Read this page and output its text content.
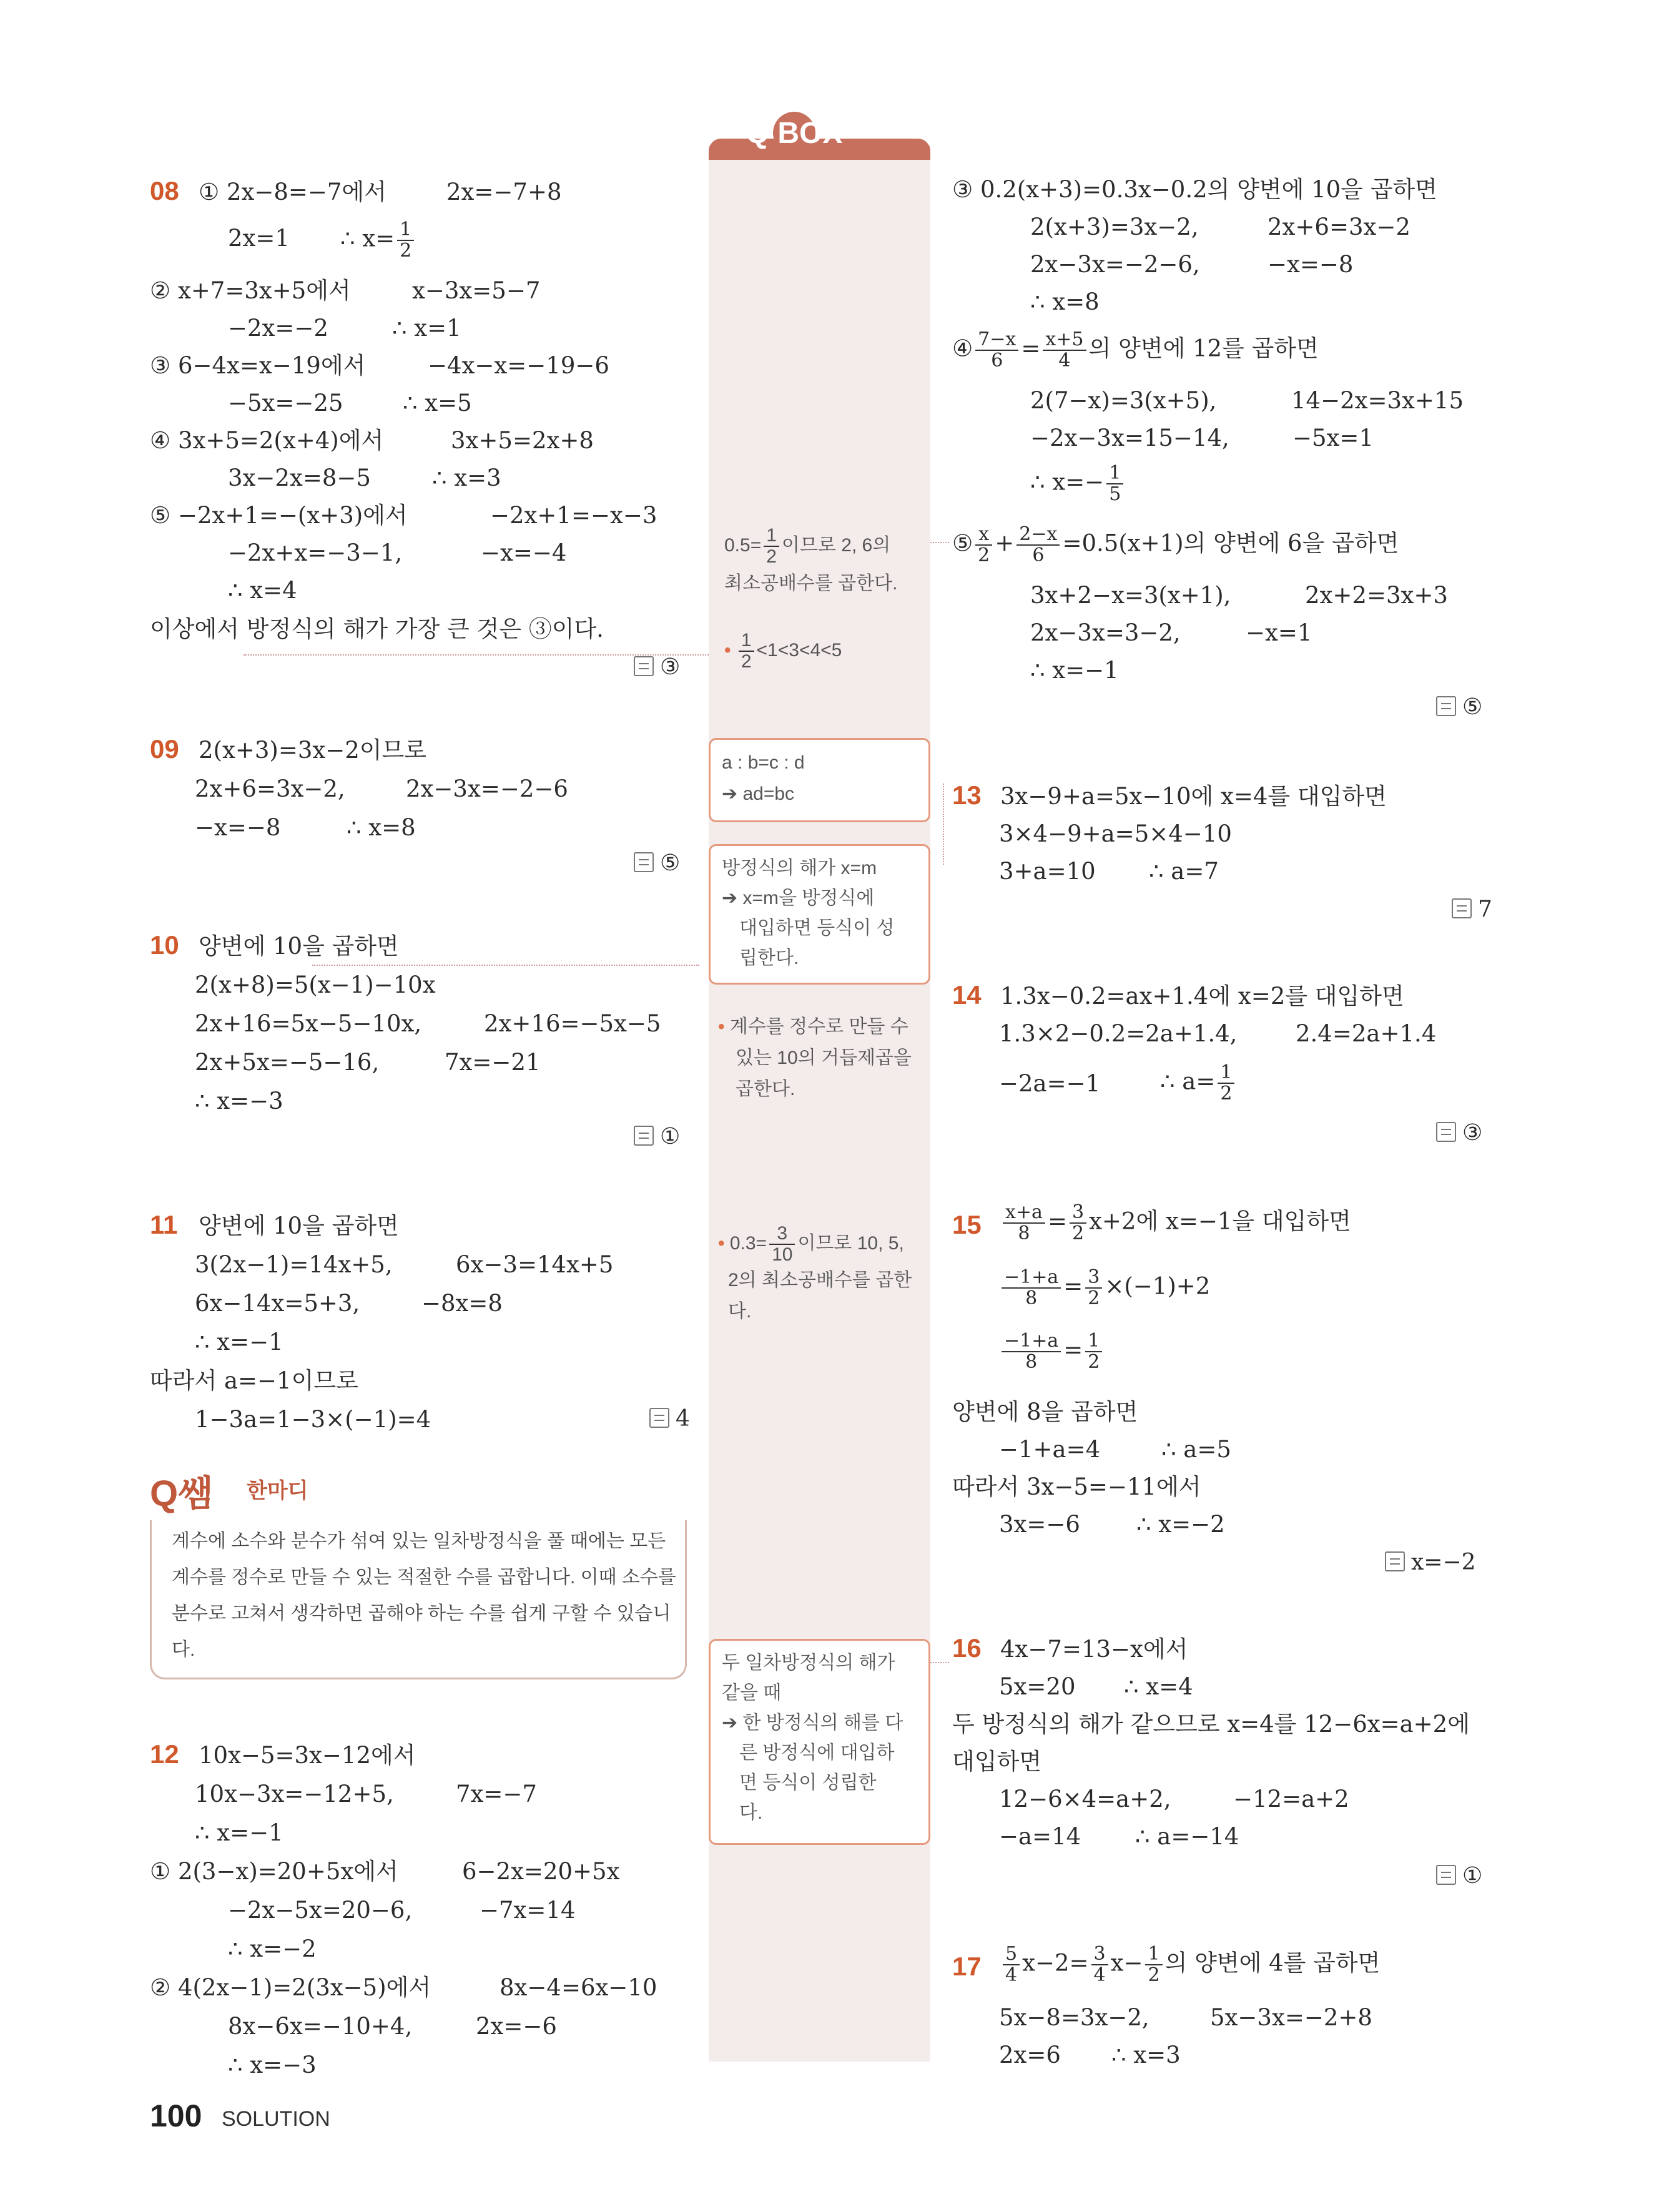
Q BOX
08 ① 2x−8=−7에서	2x=−7+8
2x=1 ∴ $x= \frac{1}{2}$
② x+7=3x+5에서	x−3x=5−7
−2x=−2	∴ x=1
③ 6−4x=x−19에서	−4x−x=−19−6
−5x=−25	∴ x=5
④ 3x+5=2(x+4)에서	3x+5=2x+8
3x−2x=8−5	∴ x=3
⑤ −2x+1=−(x+3)에서	−2x+1=−x−3
−2x+x=−3−1,	−x=−4
∴ x=4
이상에서 방정식의 해가 가장 큰 것은 ③이다.
③
09 2(x+3)=3x−2이므로
2x+6=3x−2,	2x−3x=−2−6
−x=−8	∴ x=8
⑤
10 양변에 10을 곱하면
2(x+8)=5(x−1)−10x
2x+16=5x−5−10x,	2x+16=−5x−5
2x+5x=−5−16,	7x=−21
∴ x=−3
①
11 양변에 10을 곱하면
3(2x−1)=14x+5,	6x−3=14x+5
6x−14x=5+3,	−8x=8
∴ x=−1
따라서 a=−1이므로
1−3a=1−3×(−1)=4	4
Q쌤 한마디
계수에 소수와 분수가 섞여 있는 일차방정식을 풀 때에는 모든 계수를 정수로 만들 수 있는 적절한 수를 곱합니다. 이때 소수를 분수로 고쳐서 생각하면 곱해야 하는 수를 쉽게 구할 수 있습니다.
12 10x−5=3x−12에서
10x−3x=−12+5,	7x=−7
∴ x=−1
① 2(3−x)=20+5x에서	6−2x=20+5x
−2x−5x=20−6,	−7x=14
∴ x=−2
② 4(2x−1)=2(3x−5)에서	8x−4=6x−10
8x−6x=−10+4,	2x=−6
∴ x=−3
$0.5= \frac{1}{2}$ 이므로 2, 6의
최소공배수를 곱한다.
• $\frac{1}{2} <1<3<4<5$
a : b=c : d
➔ ad=bc
방정식의 해가 x=m
➔ x=m을 방정식에
대입하면 등식이 성
립한다.
• 계수를 정수로 만들 수
있는 10의 거듭제곱을
곱한다.
• $0.3= \frac{3}{10}$ 이므로 10, 5,
2의 최소공배수를 곱한
다.
두 일차방정식의 해가
같을 때
➔ 한 방정식의 해를 다
른 방정식에 대입하
면 등식이 성립한
다.
③ 0.2(x+3)=0.3x−0.2의 양변에 10을 곱하면
2(x+3)=3x−2,	2x+6=3x−2
2x−3x=−2−6,	−x=−8
∴ x=8
④ $\frac{7-x}{6} = \frac{x+5}{4}$ 의 양변에 12를 곱하면
2(7−x)=3(x+5),	14−2x=3x+15
−2x−3x=15−14,	−5x=1
∴ $x=- \frac{1}{5}$
⑤ $\frac{x}{2} + \frac{2-x}{6} =0.5(x+1)$의 양변에 6을 곱하면
3x+2−x=3(x+1),	2x+2=3x+3
2x−3x=3−2,	−x=1
∴ x=−1
⑤
13 3x−9+a=5x−10에 x=4를 대입하면
3×4−9+a=5×4−10
3+a=10 ∴ a=7
7
14 1.3x−0.2=ax+1.4에 x=2를 대입하면
1.3×2−0.2=2a+1.4,	2.4=2a+1.4
−2a=−1	∴ $a= \frac{1}{2}$
③
$15 \frac{x+a}{8} = \frac{3}{2} x+2$에 x=−1을 대입하면
$\frac{-1+a}{8} = \frac{3}{2} \times(-1)+2$
$\frac{-1+a}{8} = \frac{1}{2}$
양변에 8을 곱하면
−1+a=4	∴ a=5
따라서 3x−5=−11에서
3x=−6 ∴ x=−2
x=−2
16 4x−7=13−x에서
5x=20 ∴ x=4
두 방정식의 해가 같으므로 x=4를 12−6x=a+2에
대입하면
12−6×4=a+2,	−12=a+2
−a=14 ∴ a=−14
①
$17 \frac{5}{4} x-2= \frac{3}{4} x- \frac{1}{2}$ 의 양변에 4를 곱하면
5x−8=3x−2,	5x−3x=−2+8
2x=6 ∴ x=3
100 SOLUTION
